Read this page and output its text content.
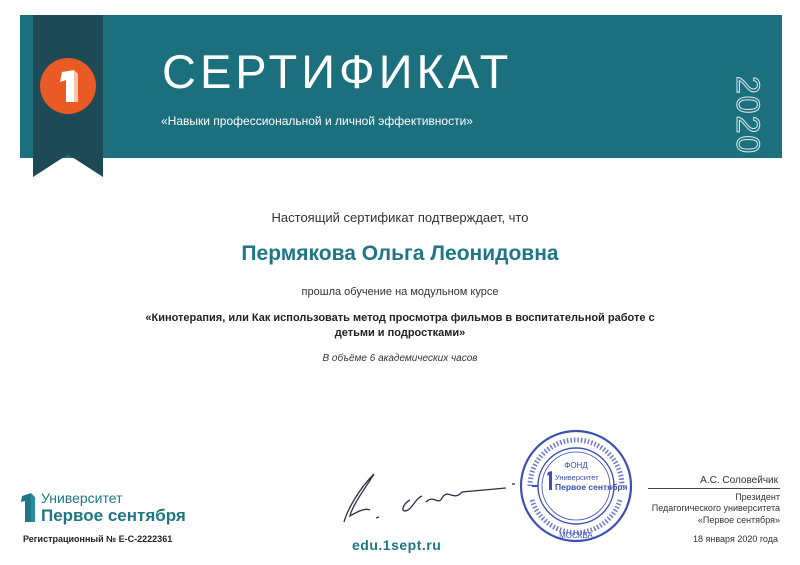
СЕРТИФИКАТ
«Навыки профессиональной и личной эффективности»	2020
Настоящий сертификат подтверждает, что
Пермякова Ольга Леонидовна
прошла обучение на модульном курсе
«Кинотерапия, или Как использовать метод просмотра фильмов в воспитательной работе с детьми и подростками»
В объёме 6 академических часов
Университет
Первое сентября
Регистрационный № Е-С-2222361	edu.1sept.ru
ФОНД
Университет
Первое сентября
МОСКВА
А.С. Соловейчик
Президент
Педагогического университета
«Первое сентября»
18 января 2020 года
